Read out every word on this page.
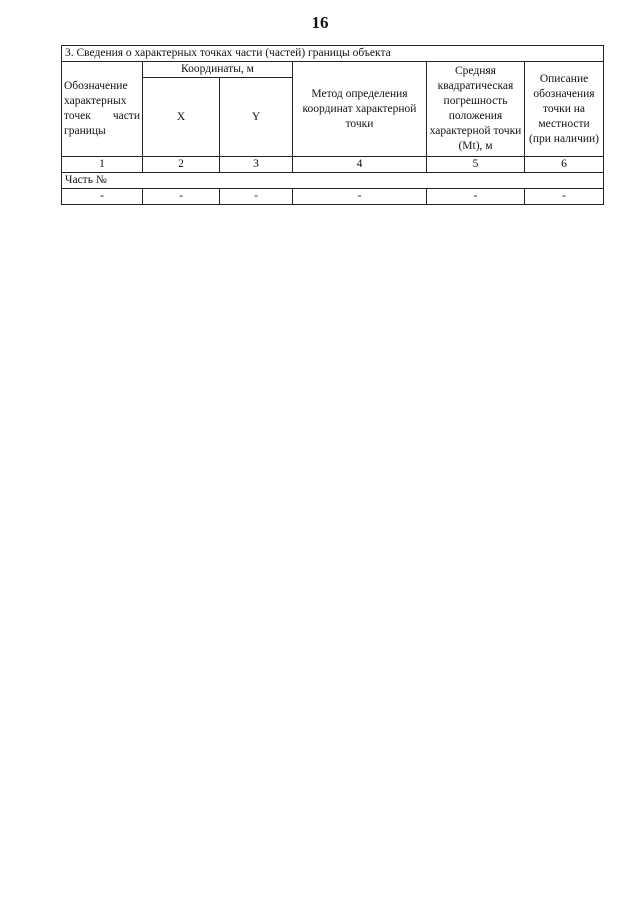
16
3. Сведения о характерных точках части (частей) границы объекта					
Обозначение характерных точек части границы	Координаты, м		Метод определения координат характерной точки	Средняя квадратическая погрешность положения характерной точки (Mt), м	Описание обозначения точки на местности (при наличии)
	X	Y			
1	2	3	4	5	6
Часть №					
-	-	-	-	-	-
